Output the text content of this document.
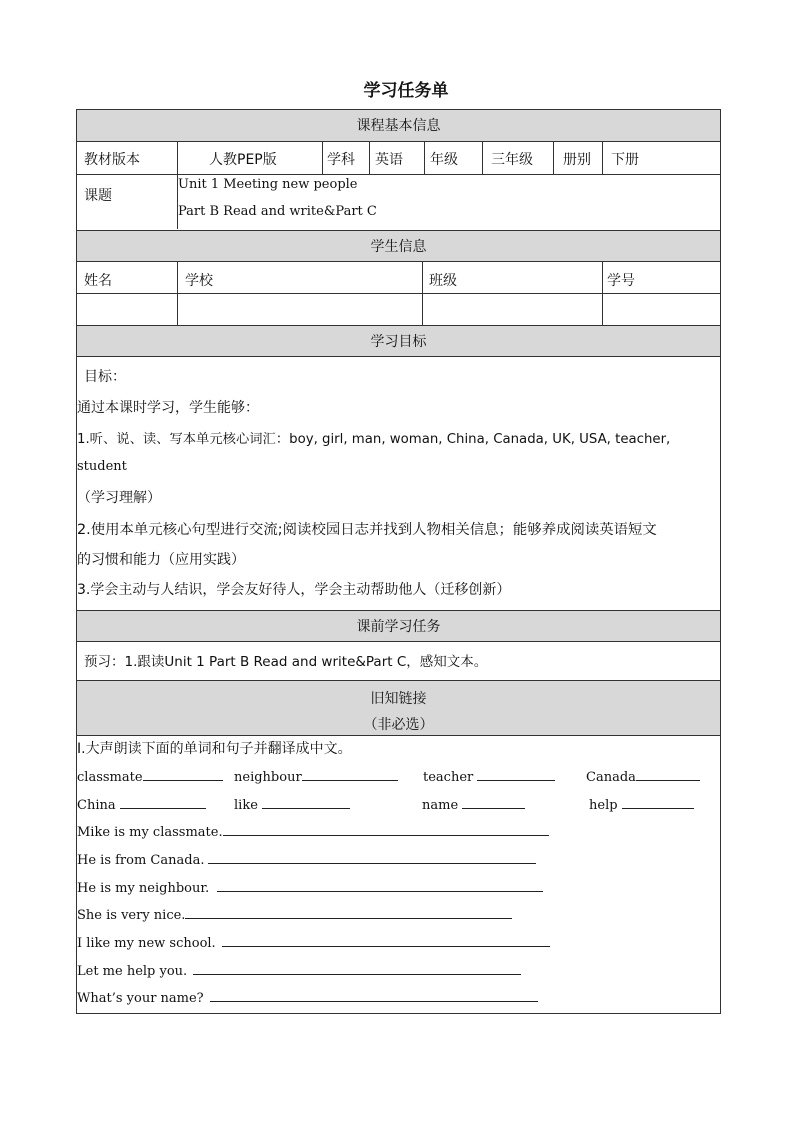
学习任务单
课程基本信息
教材版本	人教PEP版	学科 英语 年级 三年级 册别 下册
课题
Unit 1 Meeting new people
Part B Read and write&Part C
学生信息
姓名	学校	班级	学号
学习目标
目标：
通过本课时学习，学生能够：
1.听、说、读、写本单元核心词汇：boy, girl, man, woman, China, Canada, UK, USA, teacher,
student
（学习理解）
2.使用本单元核心句型进行交流;阅读校园日志并找到人物相关信息；能够养成阅读英语短文
的习惯和能力（应用实践）
3.学会主动与人结识，学会友好待人，学会主动帮助他人（迁移创新）
课前学习任务
预习：1.跟读Unit 1 Part B Read and write&Part C，感知文本。
旧知链接
（非必选）
I.大声朗读下面的单词和句子并翻译成中文。
classmate	neighbour	teacher	Canada
China	like	name	help
Mike is my classmate.
He is from Canada.
He is my neighbour.
She is very nice.
I like my new school.
Let me help you.
What’s your name?
